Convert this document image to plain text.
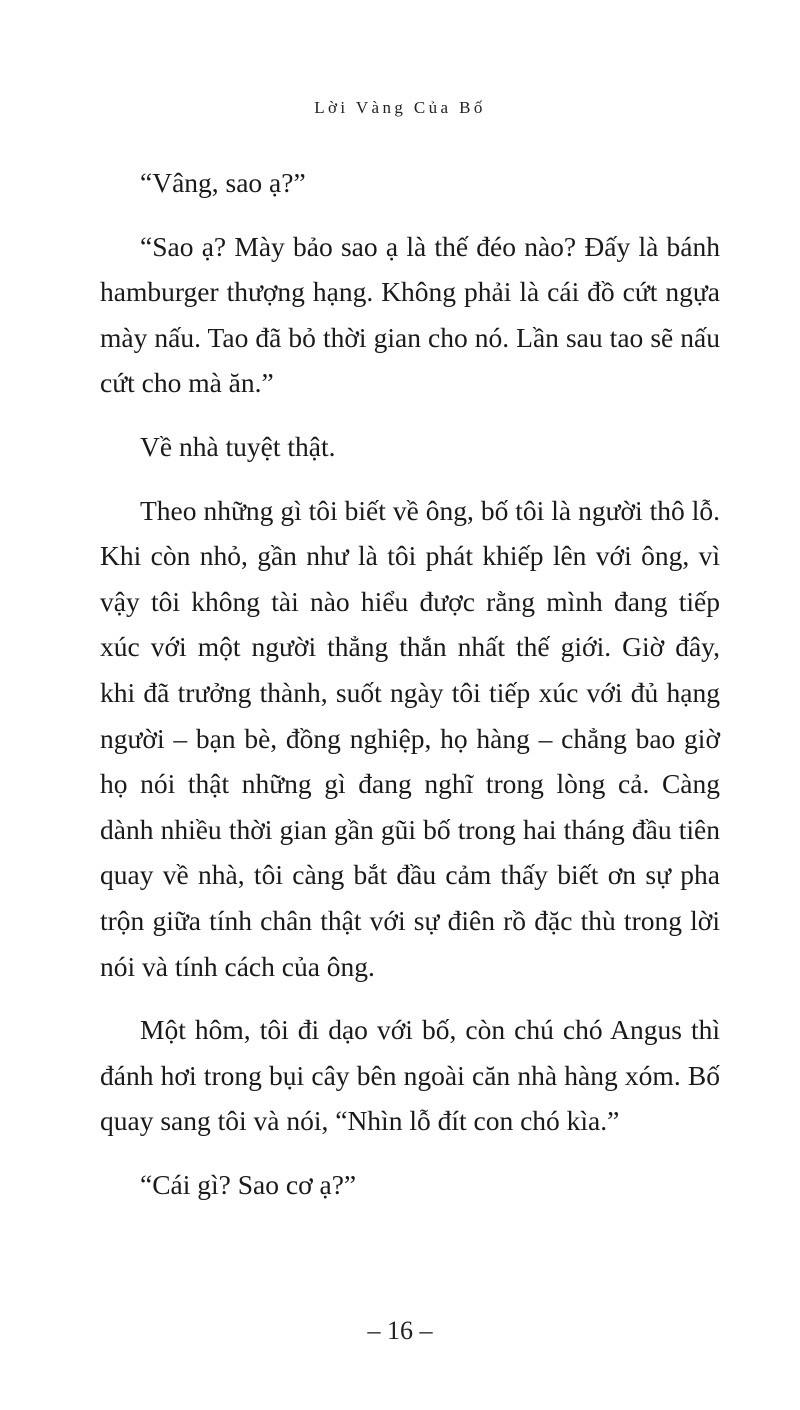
Lời Vàng Của Bố

“Vâng, sao ạ?”

“Sao ạ? Mày bảo sao ạ là thế đéo nào? Đấy là bánh hamburger thượng hạng. Không phải là cái đồ cứt ngựa mày nấu. Tao đã bỏ thời gian cho nó. Lần sau tao sẽ nấu cứt cho mà ăn.”

Về nhà tuyệt thật.

Theo những gì tôi biết về ông, bố tôi là người thô lỗ. Khi còn nhỏ, gần như là tôi phát khiếp lên với ông, vì vậy tôi không tài nào hiểu được rằng mình đang tiếp xúc với một người thẳng thắn nhất thế giới. Giờ đây, khi đã trưởng thành, suốt ngày tôi tiếp xúc với đủ hạng người – bạn bè, đồng nghiệp, họ hàng – chẳng bao giờ họ nói thật những gì đang nghĩ trong lòng cả. Càng dành nhiều thời gian gần gũi bố trong hai tháng đầu tiên quay về nhà, tôi càng bắt đầu cảm thấy biết ơn sự pha trộn giữa tính chân thật với sự điên rồ đặc thù trong lời nói và tính cách của ông.

Một hôm, tôi đi dạo với bố, còn chú chó Angus thì đánh hơi trong bụi cây bên ngoài căn nhà hàng xóm. Bố quay sang tôi và nói, “Nhìn lỗ đít con chó kìa.”

“Cái gì? Sao cơ ạ?”

– 16 –
